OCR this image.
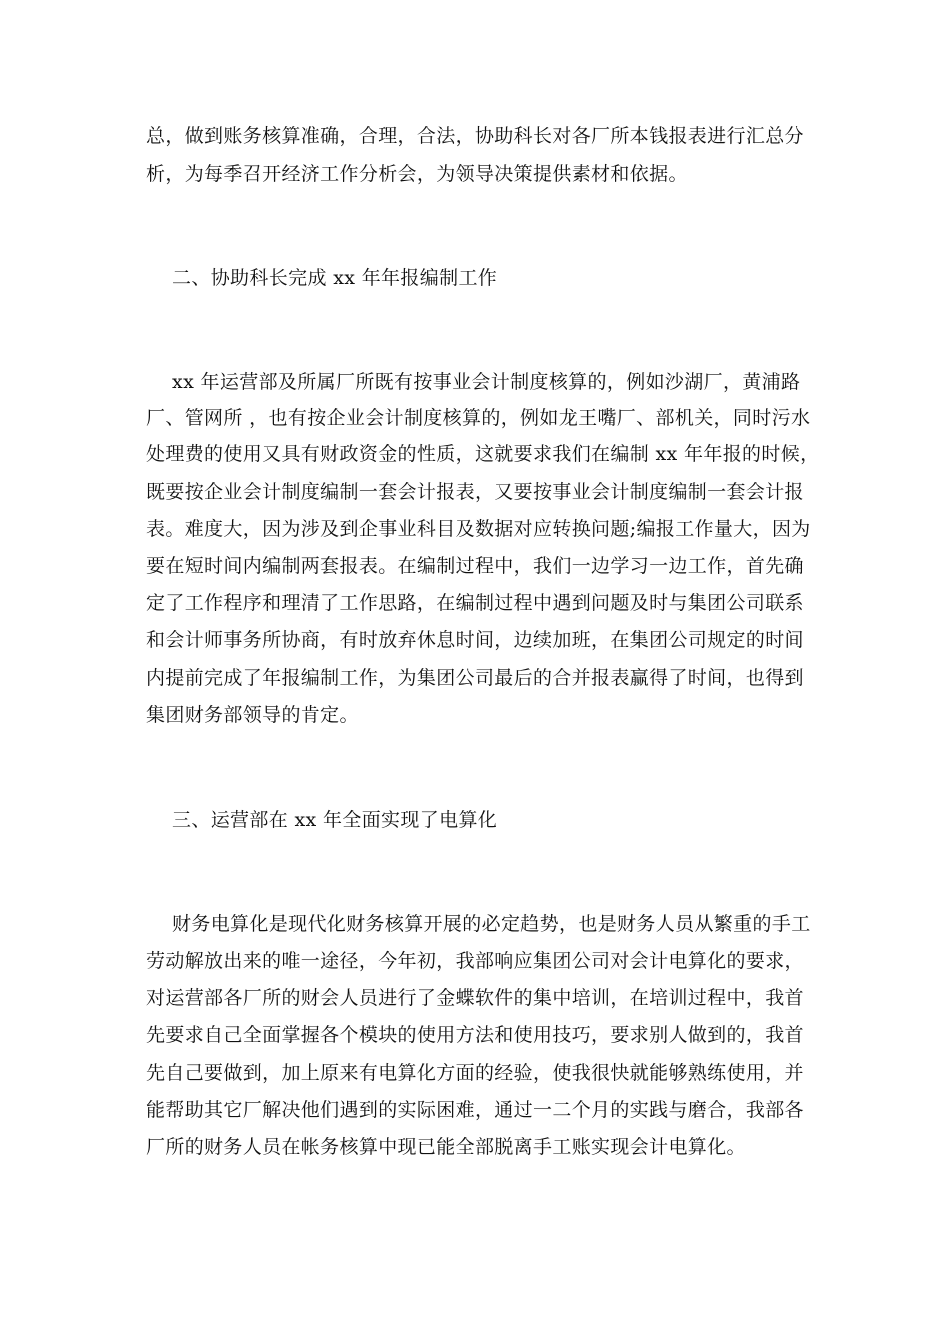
总，做到账务核算准确，合理，合法，协助科长对各厂所本钱报表进行汇总分
析，为每季召开经济工作分析会，为领导决策提供素材和依据。
二、协助科长完成 xx 年年报编制工作
xx 年运营部及所属厂所既有按事业会计制度核算的，例如沙湖厂，黄浦路
厂、管网所 ，也有按企业会计制度核算的，例如龙王嘴厂、部机关，同时污水
处理费的使用又具有财政资金的性质，这就要求我们在编制 xx 年年报的时候，
既要按企业会计制度编制一套会计报表，又要按事业会计制度编制一套会计报
表。难度大，因为涉及到企事业科目及数据对应转换问题;编报工作量大，因为
要在短时间内编制两套报表。在编制过程中，我们一边学习一边工作，首先确
定了工作程序和理清了工作思路，在编制过程中遇到问题及时与集团公司联系
和会计师事务所协商，有时放弃休息时间，边续加班，在集团公司规定的时间
内提前完成了年报编制工作，为集团公司最后的合并报表赢得了时间，也得到
集团财务部领导的肯定。
三、运营部在 xx 年全面实现了电算化
财务电算化是现代化财务核算开展的必定趋势，也是财务人员从繁重的手工
劳动解放出来的唯一途径，今年初，我部响应集团公司对会计电算化的要求，
对运营部各厂所的财会人员进行了金蝶软件的集中培训，在培训过程中，我首
先要求自己全面掌握各个模块的使用方法和使用技巧，要求别人做到的，我首
先自己要做到，加上原来有电算化方面的经验，使我很快就能够熟练使用，并
能帮助其它厂解决他们遇到的实际困难，通过一二个月的实践与磨合，我部各
厂所的财务人员在帐务核算中现已能全部脱离手工账实现会计电算化。
